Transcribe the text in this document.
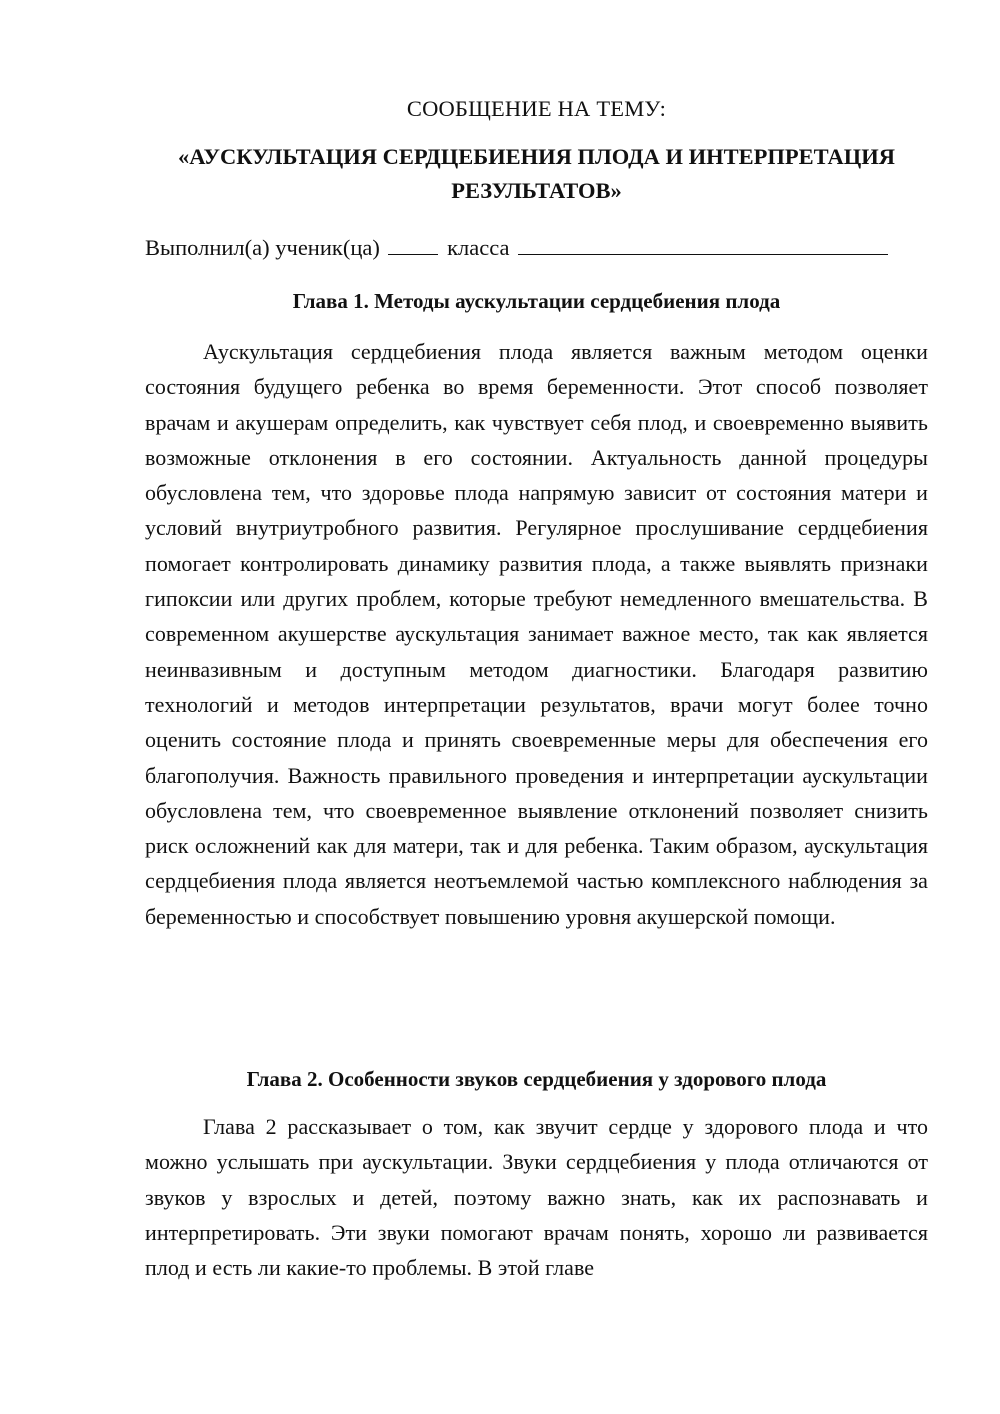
СООБЩЕНИЕ НА ТЕМУ:
«АУСКУЛЬТАЦИЯ СЕРДЦЕБИЕНИЯ ПЛОДА И ИНТЕРПРЕТАЦИЯ
РЕЗУЛЬТАТОВ»
Выполнил(а) ученик(ца)	класса
Глава 1. Методы аускультации сердцебиения плода

Аускультация сердцебиения плода является важным методом оценки состояния будущего ребенка во время беременности. Этот способ позволяет врачам и акушерам определить, как чувствует себя плод, и своевременно выявить возможные отклонения в его состоянии. Актуальность данной процедуры обусловлена тем, что здоровье плода напрямую зависит от состояния матери и условий внутриутробного развития. Регулярное прослушивание сердцебиения помогает контролировать динамику развития плода, а также выявлять признаки гипоксии или других проблем, которые требуют немедленного вмешательства. В современном акушерстве аускультация занимает важное место, так как является неинвазивным и доступным методом диагностики. Благодаря развитию технологий и методов интерпретации результатов, врачи могут более точно оценить состояние плода и принять своевременные меры для обеспечения его благополучия. Важность правильного проведения и интерпретации аускультации обусловлена тем, что своевременное выявление отклонений позволяет снизить риск осложнений как для матери, так и для ребенка. Таким образом, аускультация сердцебиения плода является неотъемлемой частью комплексного наблюдения за беременностью и способствует повышению уровня акушерской помощи.

Глава 2. Особенности звуков сердцебиения у здорового плода

Глава 2 рассказывает о том, как звучит сердце у здорового плода и что можно услышать при аускультации. Звуки сердцебиения у плода отличаются от звуков у взрослых и детей, поэтому важно знать, как их распознавать и интерпретировать. Эти звуки помогают врачам понять, хорошо ли развивается плод и есть ли какие-то проблемы. В этой главе
